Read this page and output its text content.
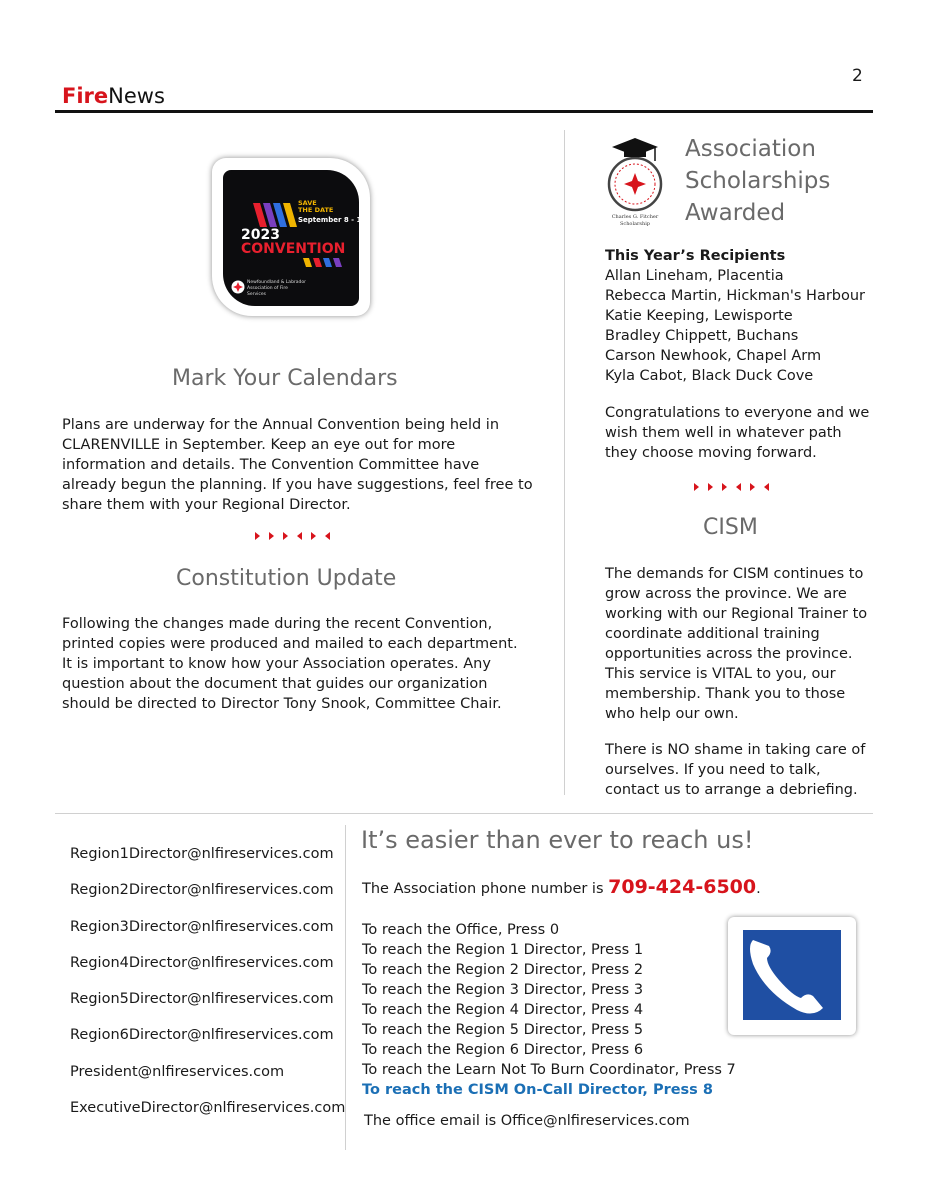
2
FireNews
SAVE
THE DATE
September 8 - 10
2023
CONVENTION
Newfoundland & Labrador
Association of Fire Services
Mark Your Calendars
Plans are underway for the Annual Convention being held in CLARENVILLE in September. Keep an eye out for more information and details. The Convention Committee have already begun the planning. If you have suggestions, feel free to share them with your Regional Director.
Constitution Update
Following the changes made during the recent Convention, printed copies were produced and mailed to each department. It is important to know how your Association operates. Any question about the document that guides our organization should be directed to Director Tony Snook, Committee Chair.
Charles G. Fitcher
Scholarship
Association
Scholarships
Awarded
This Year’s Recipients
Allan Lineham, Placentia
Rebecca Martin, Hickman's Harbour
Katie Keeping, Lewisporte
Bradley Chippett, Buchans
Carson Newhook, Chapel Arm
Kyla Cabot, Black Duck Cove
Congratulations to everyone and we wish them well in whatever path they choose moving forward.
CISM
The demands for CISM continues to grow across the province. We are working with our Regional Trainer to coordinate additional training opportunities across the province. This service is VITAL to you, our membership. Thank you to those who help our own.
There is NO shame in taking care of ourselves. If you need to talk, contact us to arrange a debriefing.
Region1Director@nlfireservices.com
Region2Director@nlfireservices.com
Region3Director@nlfireservices.com
Region4Director@nlfireservices.com
Region5Director@nlfireservices.com
Region6Director@nlfireservices.com
President@nlfireservices.com
ExecutiveDirector@nlfireservices.com
It’s easier than ever to reach us!
The Association phone number is 709-424-6500.
To reach the Office, Press 0
To reach the Region 1 Director, Press 1
To reach the Region 2 Director, Press 2
To reach the Region 3 Director, Press 3
To reach the Region 4 Director, Press 4
To reach the Region 5 Director, Press 5
To reach the Region 6 Director, Press 6
To reach the Learn Not To Burn Coordinator, Press 7
To reach the CISM On-Call Director, Press 8
The office email is Office@nlfireservices.com
